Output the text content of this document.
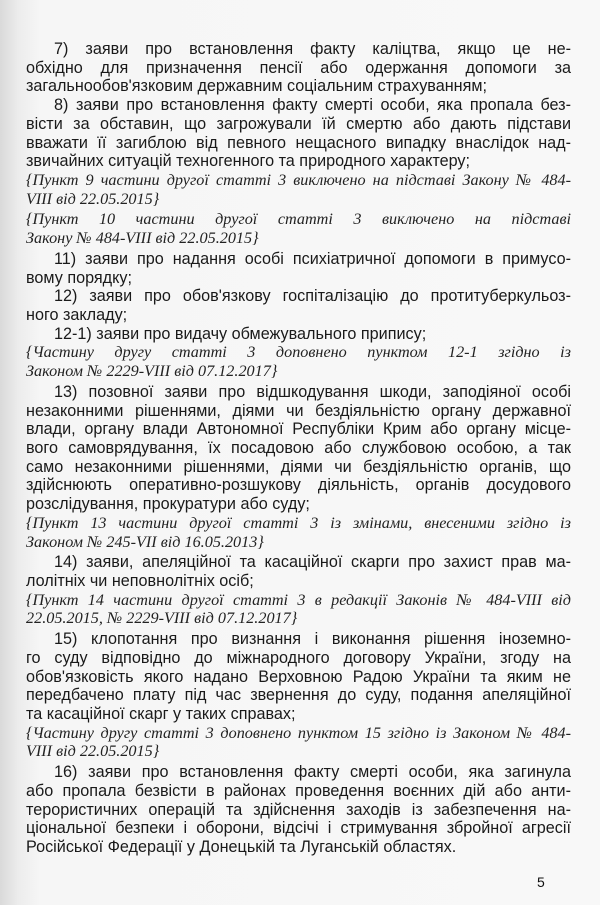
7) заяви про встановлення факту каліцтва, якщо це не-
обхідно для призначення пенсії або одержання допомоги за
загальнообов'язковим державним соціальним страхуванням;
8) заяви про встановлення факту смерті особи, яка пропала без-
вісти за обставин, що загрожували їй смертю або дають підстави
вважати її загиблою від певного нещасного випадку внаслідок над-
звичайних ситуацій техногенного та природного характеру;
{Пункт 9 частини другої статті 3 виключено на підставі Закону № 484-
VIII від 22.05.2015}
{Пункт 10 частини другої статті 3 виключено на підставі
Закону № 484-VIII від 22.05.2015}
11) заяви про надання особі психіатричної допомоги в примусо-
вому порядку;
12) заяви про обов'язкову госпіталізацію до протитуберкульоз-
ного закладу;
12-1) заяви про видачу обмежувального припису;
{Частину другу статті 3 доповнено пунктом 12-1 згідно із
Законом № 2229-VIII від 07.12.2017}
13) позовної заяви про відшкодування шкоди, заподіяної особі
незаконними рішеннями, діями чи бездіяльністю органу державної
влади, органу влади Автономної Республіки Крим або органу місце-
вого самоврядування, їх посадовою або службовою особою, а так
само незаконними рішеннями, діями чи бездіяльністю органів, що
здійснюють оперативно-розшукову діяльність, органів досудового
розслідування, прокуратури або суду;
{Пункт 13 частини другої статті 3 із змінами, внесеними згідно із
Законом № 245-VII від 16.05.2013}
14) заяви, апеляційної та касаційної скарги про захист прав ма-
лолітніх чи неповнолітніх осіб;
{Пункт 14 частини другої статті 3 в редакції Законів № 484-VIII від
22.05.2015, № 2229-VIII від 07.12.2017}
15) клопотання про визнання і виконання рішення іноземно-
го суду відповідно до міжнародного договору України, згоду на
обов'язковість якого надано Верховною Радою України та яким не
передбачено плату під час звернення до суду, подання апеляційної
та касаційної скарг у таких справах;
{Частину другу статті 3 доповнено пунктом 15 згідно із Законом № 484-
VIII від 22.05.2015}
16) заяви про встановлення факту смерті особи, яка загинула
або пропала безвісти в районах проведення воєнних дій або анти-
терористичних операцій та здійснення заходів із забезпечення на-
ціональної безпеки і оборони, відсічі і стримування збройної агресії
Російської Федерації у Донецькій та Луганській областях.
5
